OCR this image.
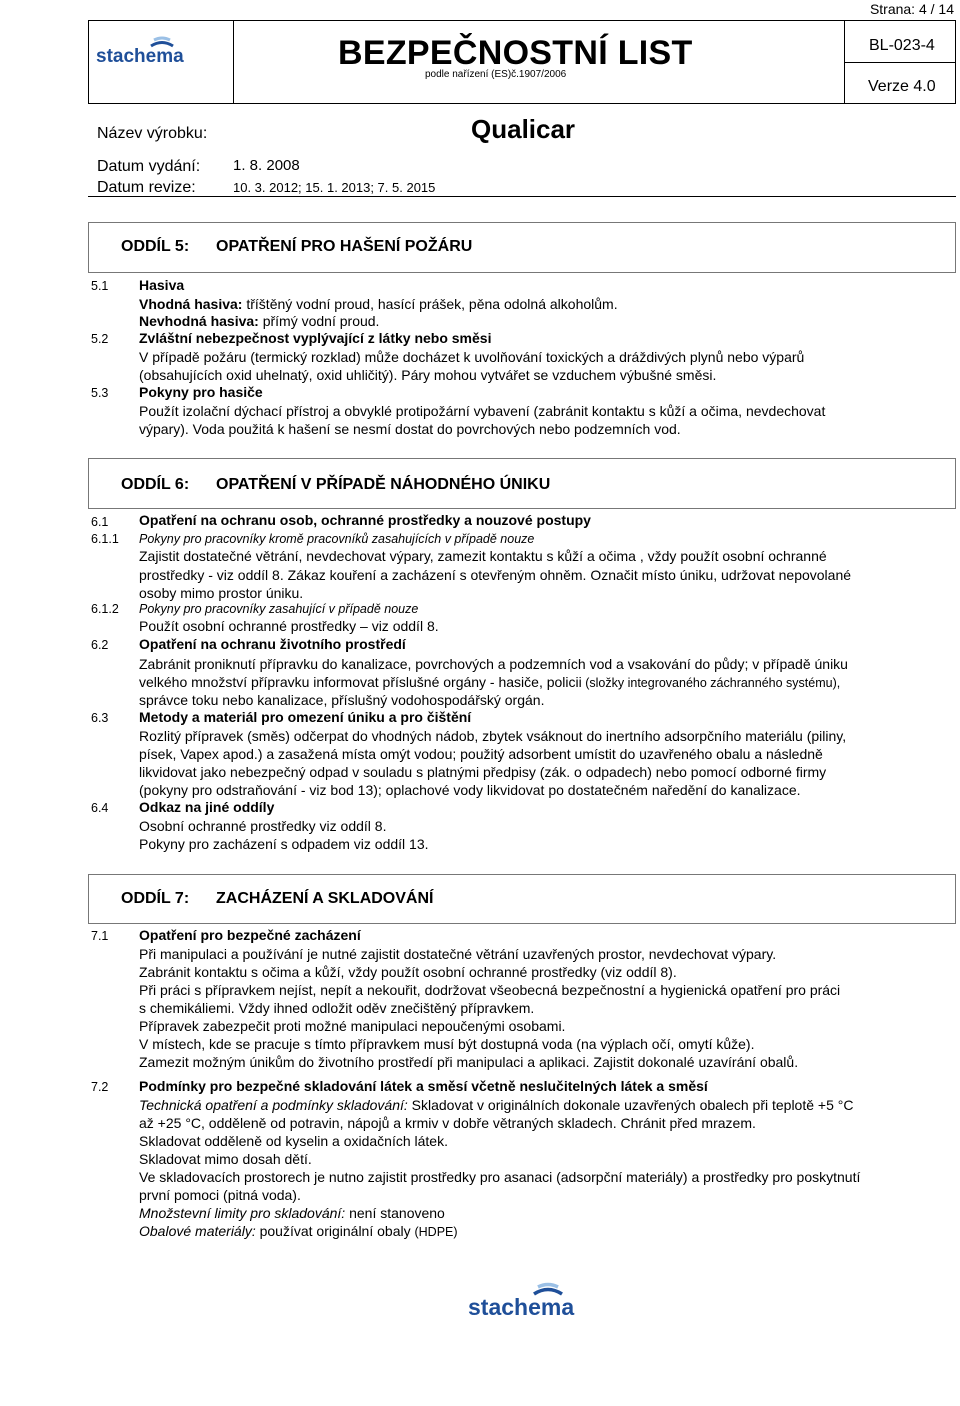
Strana: 4 / 14
stachema	BEZPEČNOSTNÍ LIST
podle nařízení (ES)č.1907/2006
BL-023-4
Verze 4.0
Název výrobku:	Qualicar
Datum vydání: 1. 8. 2008
Datum revize:	10. 3. 2012; 15. 1. 2013; 7. 5. 2015
ODDÍL 5: OPATŘENÍ PRO HAŠENÍ POŽÁRU
5.1 Hasiva
Vhodná hasiva: tříštěný vodní proud, hasící prášek, pěna odolná alkoholům.
Nevhodná hasiva: přímý vodní proud.
5.2 Zvláštní nebezpečnost vyplývající z látky nebo směsi
V případě požáru (termický rozklad) může docházet k uvolňování toxických a dráždivých plynů nebo výparů
(obsahujících oxid uhelnatý, oxid uhličitý). Páry mohou vytvářet se vzduchem výbušné směsi.
5.3 Pokyny pro hasiče
Použít izolační dýchací přístroj a obvyklé protipožární vybavení (zabránit kontaktu s kůží a očima, nevdechovat
výpary). Voda použitá k hašení se nesmí dostat do povrchových nebo podzemních vod.
ODDÍL 6: OPATŘENÍ V PŘÍPADĚ NÁHODNÉHO ÚNIKU
6.1 Opatření na ochranu osob, ochranné prostředky a nouzové postupy
6.1.1 Pokyny pro pracovníky kromě pracovníků zasahujících v případě nouze
Zajistit dostatečné větrání, nevdechovat výpary, zamezit kontaktu s kůží a očima , vždy použít osobní ochranné
prostředky - viz oddíl 8. Zákaz kouření a zacházení s otevřeným ohněm. Označit místo úniku, udržovat nepovolané
osoby mimo prostor úniku.
6.1.2 Pokyny pro pracovníky zasahující v případě nouze
Použít osobní ochranné prostředky – viz oddíl 8.
6.2 Opatření na ochranu životního prostředí
Zabránit proniknutí přípravku do kanalizace, povrchových a podzemních vod a vsakování do půdy; v případě úniku
velkého množství přípravku informovat příslušné orgány - hasiče, policii (složky integrovaného záchranného systému),
správce toku nebo kanalizace, příslušný vodohospodářský orgán.
6.3 Metody a materiál pro omezení úniku a pro čištění
Rozlitý přípravek (směs) odčerpat do vhodných nádob, zbytek vsáknout do inertního adsorpčního materiálu (piliny,
písek, Vapex apod.) a zasažená místa omýt vodou; použitý adsorbent umístit do uzavřeného obalu a následně
likvidovat jako nebezpečný odpad v souladu s platnými předpisy (zák. o odpadech) nebo pomocí odborné firmy
(pokyny pro odstraňování - viz bod 13); oplachové vody likvidovat po dostatečném naředění do kanalizace.
6.4 Odkaz na jiné oddíly
Osobní ochranné prostředky viz oddíl 8.
Pokyny pro zacházení s odpadem viz oddíl 13.
ODDÍL 7: ZACHÁZENÍ A SKLADOVÁNÍ
7.1 Opatření pro bezpečné zacházení
Při manipulaci a používání je nutné zajistit dostatečné větrání uzavřených prostor, nevdechovat výpary.
Zabránit kontaktu s očima a kůží, vždy použít osobní ochranné prostředky (viz oddíl 8).
Při práci s přípravkem nejíst, nepít a nekouřit, dodržovat všeobecná bezpečnostní a hygienická opatření pro práci
s chemikáliemi. Vždy ihned odložit oděv znečištěný přípravkem.
Přípravek zabezpečit proti možné manipulaci nepoučenými osobami.
V místech, kde se pracuje s tímto přípravkem musí být dostupná voda (na výplach očí, omytí kůže).
Zamezit možným únikům do životního prostředí při manipulaci a aplikaci. Zajistit dokonalé uzavírání obalů.
7.2 Podmínky pro bezpečné skladování látek a směsí včetně neslučitelných látek a směsí
Technická opatření a podmínky skladování: Skladovat v originálních dokonale uzavřených obalech při teplotě +5 °C
až +25 °C, odděleně od potravin, nápojů a krmiv v dobře větraných skladech. Chránit před mrazem.
Skladovat odděleně od kyselin a oxidačních látek.
Skladovat mimo dosah dětí.
Ve skladovacích prostorech je nutno zajistit prostředky pro asanaci (adsorpční materiály) a prostředky pro poskytnutí
první pomoci (pitná voda).
Množstevní limity pro skladování: není stanoveno
Obalové materiály: používat originální obaly (HDPE)
stachema
